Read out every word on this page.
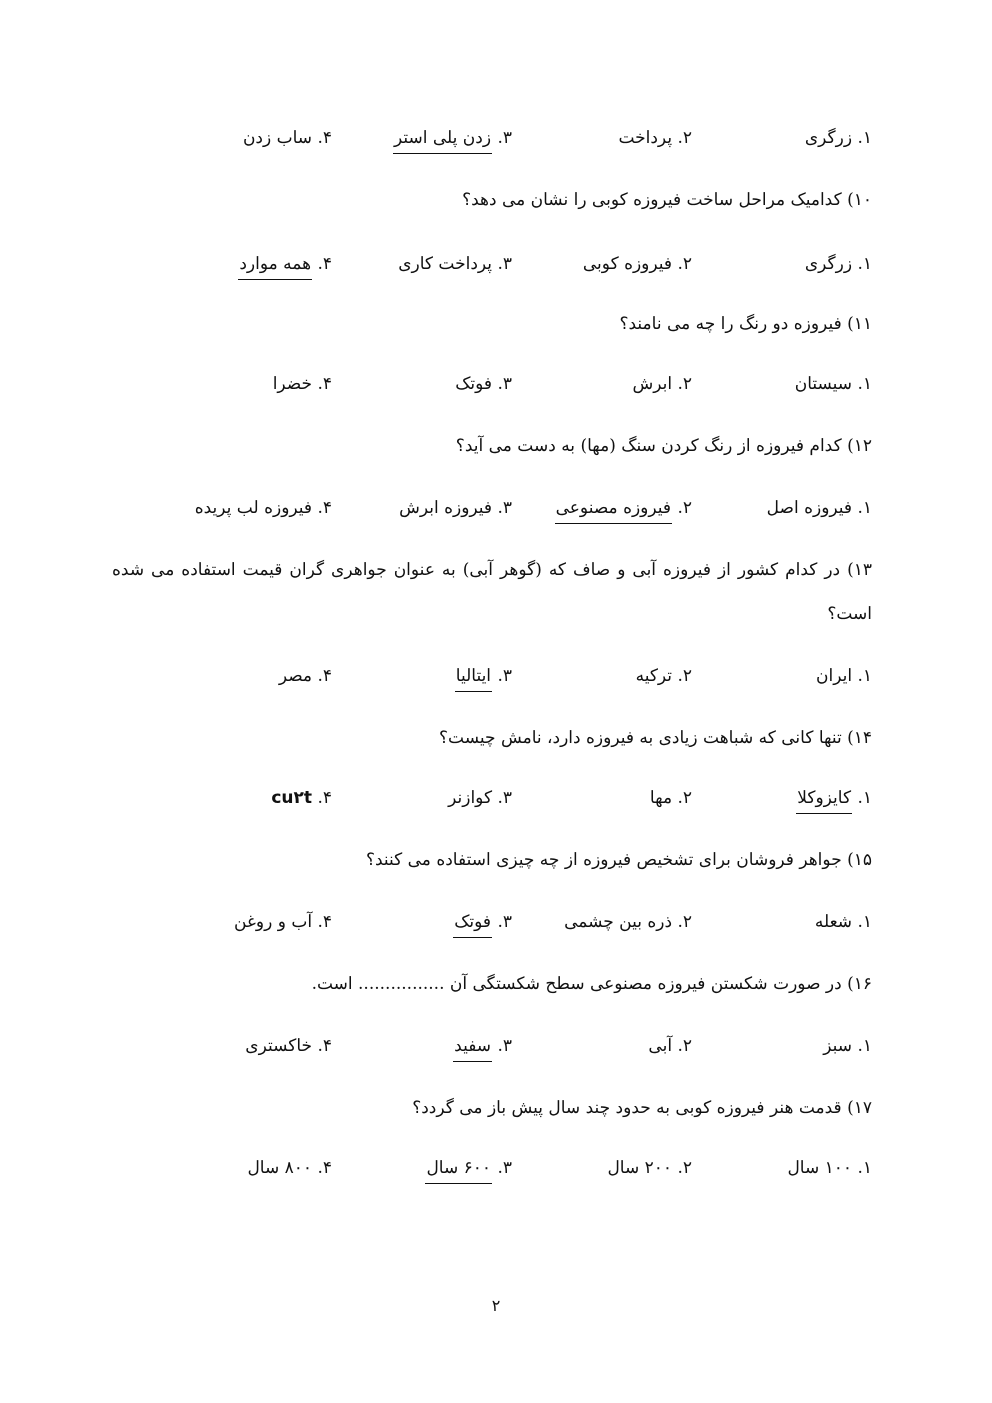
۱. زرگری
۲. پرداخت
۳. زدن پلی استر
۴. ساب زدن
۱۰) کدامیک مراحل ساخت فیروزه کوبی را نشان می دهد؟
۱. زرگری
۲. فیروزه کوبی
۳. پرداخت کاری
۴. همه موارد
۱۱) فیروزه دو رنگ را چه می نامند؟
۱. سیستان
۲. ابرش
۳. فوتک
۴. خضرا
۱۲) کدام فیروزه از رنگ کردن سنگ (مها) به دست می آید؟
۱. فیروزه اصل
۲. فیروزه مصنوعی
۳. فیروزه ابرش
۴. فیروزه لب پریده
۱۳) در کدام کشور از فیروزه آبی و صاف که (گوهر آبی) به عنوان جواهری گران قیمت استفاده می شده است؟
۱. ایران
۲. ترکیه
۳. ایتالیا
۴. مصر
۱۴) تنها کانی که شباهت زیادی به فیروزه دارد، نامش چیست؟
۱. کایزوکلا
۲. مها
۳. کوازنر
۴. cu۲t
۱۵) جواهر فروشان برای تشخیص فیروزه از چه چیزی استفاده می کنند؟
۱. شعله
۲. ذره بین چشمی
۳. فوتک
۴. آب و روغن
۱۶) در صورت شکستن فیروزه مصنوعی سطح شکستگی آن ................ است.
۱. سبز
۲. آبی
۳. سفید
۴. خاکستری
۱۷) قدمت هنر فیروزه کوبی به حدود چند سال پیش باز می گردد؟
۱. ۱۰۰ سال
۲. ۲۰۰ سال
۳. ۶۰۰ سال
۴. ۸۰۰ سال
۲
